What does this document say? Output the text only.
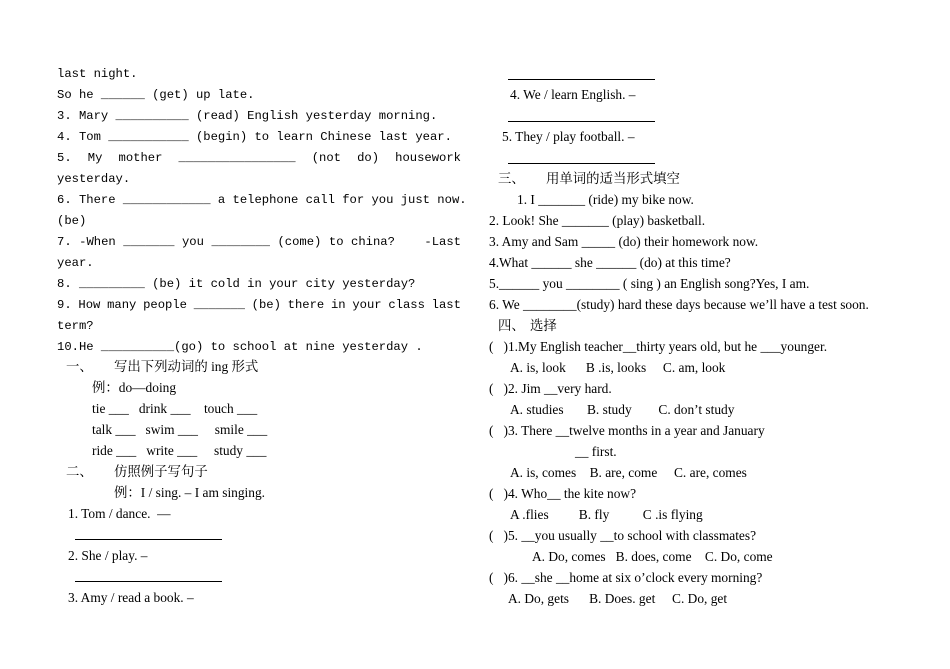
last night.
So he ______ (get) up late.
3. Mary __________ (read) English yesterday morning.
4. Tom ___________ (begin) to learn Chinese last year.
5. My mother ________________ (not do) housework
yesterday.
6. There ____________ a telephone call for you just now.
(be)
7. -When _______ you ________ (come) to china? -Last
year.
8. _________ (be) it cold in your city yesterday?
9. How many people _______ (be) there in your class last
term?
10.He __________(go) to school at nine yesterday .
一、 写出下列动词的 ing 形式
例：do—doing
tie ___   drink ___    touch ___
talk ___   swim ___     smile ___
ride ___   write ___     study ___
二、 仿照例子写句子
例：I / sing. – I am singing.
1. Tom / dance.  —
2. She / play. –
3. Amy / read a book. –
4. We / learn English. –
5. They / play football. –
三、 用单词的适当形式填空
1. I _______ (ride) my bike now.
2. Look! She _______ (play) basketball.
3. Amy and Sam _____ (do) their homework now.
4.What ______ she ______ (do) at this time?
5.______ you ________ ( sing ) an English song?Yes, I am.
6. We ________(study) hard these days because we’ll have a test soon.
四、 选择
(   )1.My English teacher__thirty years old, but he ___younger.
A. is, look      B .is, looks     C. am, look
(   )2. Jim __very hard.
A. studies       B. study        C. don’t study
(   )3. There __twelve months in a year and January
__ first.
A. is, comes    B. are, come     C. are, comes
(   )4. Who__ the kite now?
A .flies         B. fly          C .is flying
(   )5. __you usually __to school with classmates?
A. Do, comes   B. does, come    C. Do, come
(   )6. __she __home at six o’clock every morning?
A. Do, gets      B. Does. get     C. Do, get
